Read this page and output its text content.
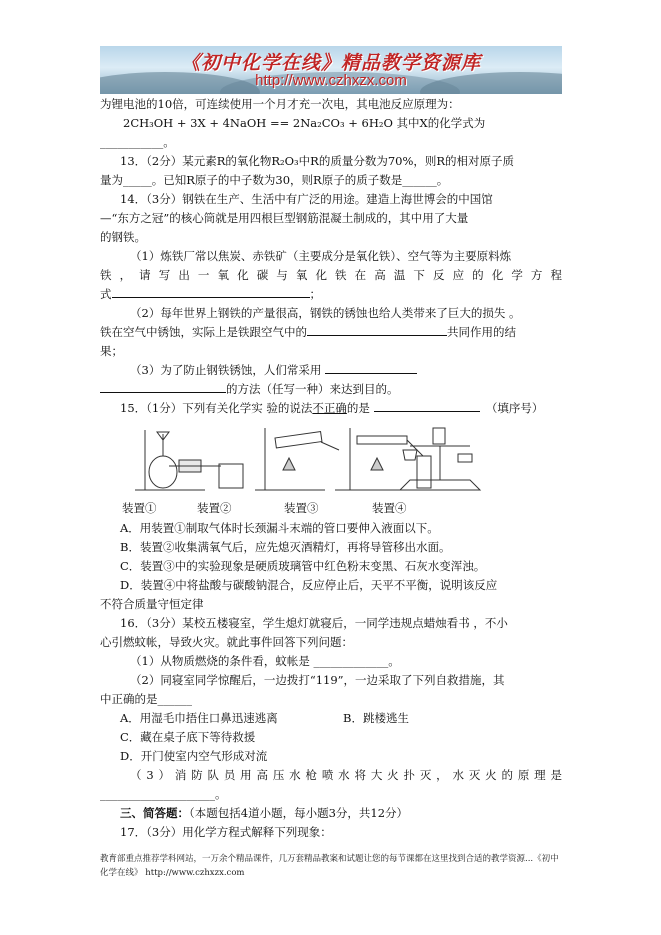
《初中化学在线》精品教学资源库
http://www.czhxzx.com
为锂电池的10倍，可连续使用一个月才充一次电，其电池反应原理为：
2CH₃OH + 3X + 4NaOH == 2Na₂CO₃ + 6H₂O 其中X的化学式为
___________。
13．（2分）某元素R的氧化物R₂O₃中R的质量分数为70%，则R的相对原子质
量为_____。已知R原子的中子数为30，则R原子的质子数是______。
14．（3分）钢铁在生产、生活中有广泛的用途。建造上海世博会的中国馆
—“东方之冠”的核心筒就是用四根巨型钢筋混凝土制成的，其中用了大量
的钢铁。
（1）炼铁厂常以焦炭、赤铁矿（主要成分是氧化铁）、空气等为主要原料炼
铁，请写出一氧化碳与氧化铁在高温下反应的化学方程
式	；
（2）每年世界上钢铁的产量很高，钢铁的锈蚀也给人类带来了巨大的损失 。
铁在空气中锈蚀，实际上是铁跟空气中的	共同作用的结
果；
（3）为了防止钢铁锈蚀，人们常采用
的方法（任写一种）来达到目的。
15．（1分）下列有关化学实 验的说法不正确的是	（填序号）
装置①	装置②	装置③	装置④
A．用装置①制取气体时长颈漏斗末端的管口要伸入液面以下。
B．装置②收集满氧气后，应先熄灭酒精灯，再将导管移出水面。
C．装置③中的实验现象是硬质玻璃管中红色粉末变黑、石灰水变浑浊。
D．装置④中将盐酸与碳酸钠混合，反应停止后，天平不平衡，说明该反应
不符合质量守恒定律
16．（3分）某校五楼寝室，学生熄灯就寝后，一同学违规点蜡烛看书 ，不小
心引燃蚊帐，导致火灾。就此事件回答下列问题：
（1）从物质燃烧的条件看，蚊帐是 _____________。
（2）同寝室同学惊醒后，一边拨打“119”，一边采取了下列自救措施，其
中正确的是______
A．用湿毛巾捂住口鼻迅速逃离	B．跳楼逃生
C．藏在桌子底下等待救援
D．开门使室内空气形成对流
（3）消防队员用高压水枪喷水将大火扑灭，水灭火的原理是
____________________。
三、简答题：（本题包括4道小题，每小题3分，共12分）
17．（3分）用化学方程式解释下列现象：
教育部重点推荐学科网站，一万余个精品课件，几万套精品教案和试题让您的每节课都在这里找到合适的教学资源...《初中化学在线》 http://www.czhxzx.com
